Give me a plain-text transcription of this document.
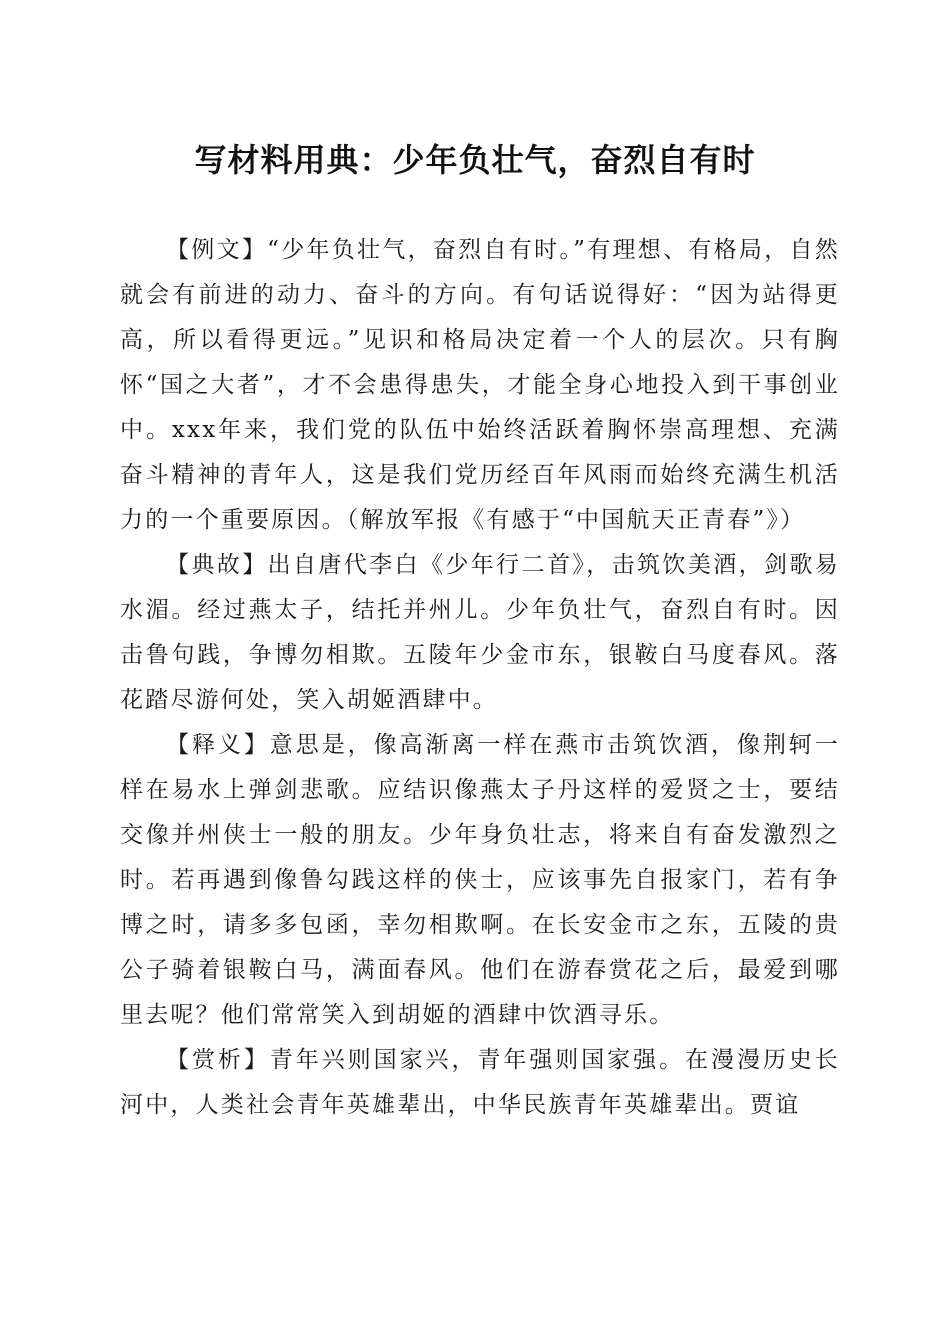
写材料用典：少年负壮气，奋烈自有时

【例文】“少年负壮气，奋烈自有时。”有理想、有格局，自然就会有前进的动力、奋斗的方向。有句话说得好：“因为站得更高，所以看得更远。”见识和格局决定着一个人的层次。只有胸怀“国之大者”，才不会患得患失，才能全身心地投入到干事创业中。xxx年来，我们党的队伍中始终活跃着胸怀崇高理想、充满奋斗精神的青年人，这是我们党历经百年风雨而始终充满生机活力的一个重要原因。（解放军报《有感于“中国航天正青春”》）

【典故】出自唐代李白《少年行二首》，击筑饮美酒，剑歌易水湄。经过燕太子，结托并州儿。少年负壮气，奋烈自有时。因击鲁句践，争博勿相欺。五陵年少金市东，银鞍白马度春风。落花踏尽游何处，笑入胡姬酒肆中。

【释义】意思是，像高渐离一样在燕市击筑饮酒，像荆轲一样在易水上弹剑悲歌。应结识像燕太子丹这样的爱贤之士，要结交像并州侠士一般的朋友。少年身负壮志，将来自有奋发激烈之时。若再遇到像鲁勾践这样的侠士，应该事先自报家门，若有争博之时，请多多包函，幸勿相欺啊。在长安金市之东，五陵的贵公子骑着银鞍白马，满面春风。他们在游春赏花之后，最爱到哪里去呢？他们常常笑入到胡姬的酒肆中饮酒寻乐。

【赏析】青年兴则国家兴，青年强则国家强。在漫漫历史长河中，人类社会青年英雄辈出，中华民族青年英雄辈出。贾谊
